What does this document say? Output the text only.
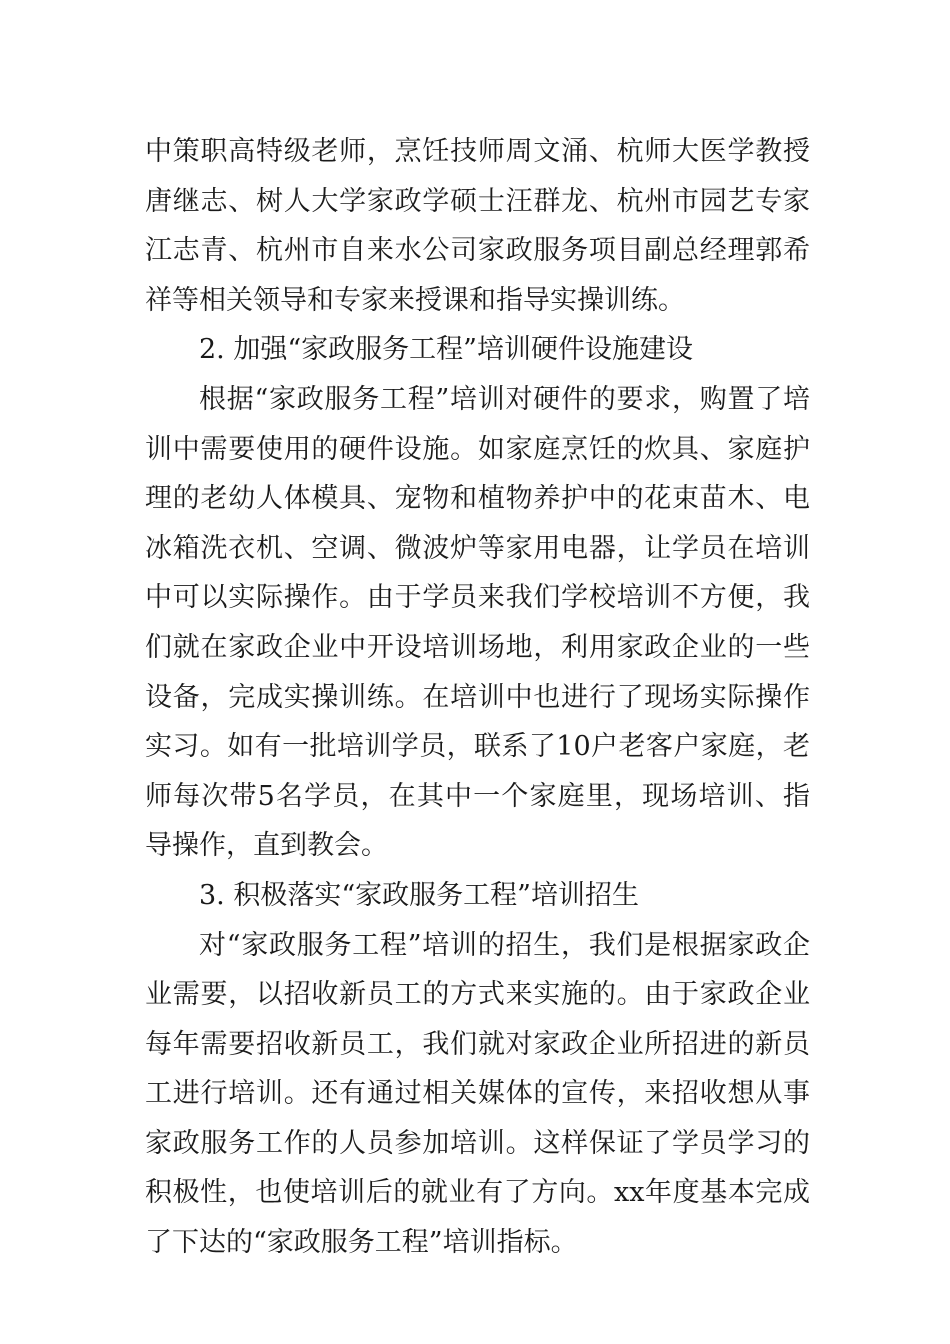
中策职高特级老师，烹饪技师周文涌、杭师大医学教授唐继志、树人大学家政学硕士汪群龙、杭州市园艺专家江志青、杭州市自来水公司家政服务项目副总经理郭希祥等相关领导和专家来授课和指导实操训练。

2. 加强“家政服务工程”培训硬件设施建设

根据“家政服务工程”培训对硬件的要求，购置了培训中需要使用的硬件设施。如家庭烹饪的炊具、家庭护理的老幼人体模具、宠物和植物养护中的花束苗木、电冰箱洗衣机、空调、微波炉等家用电器，让学员在培训中可以实际操作。由于学员来我们学校培训不方便，我们就在家政企业中开设培训场地，利用家政企业的一些设备，完成实操训练。在培训中也进行了现场实际操作实习。如有一批培训学员，联系了10户老客户家庭，老师每次带5名学员，在其中一个家庭里，现场培训、指导操作，直到教会。

3. 积极落实“家政服务工程”培训招生

对“家政服务工程”培训的招生，我们是根据家政企业需要，以招收新员工的方式来实施的。由于家政企业每年需要招收新员工，我们就对家政企业所招进的新员工进行培训。还有通过相关媒体的宣传，来招收想从事家政服务工作的人员参加培训。这样保证了学员学习的积极性，也使培训后的就业有了方向。xx年度基本完成了下达的“家政服务工程”培训指标。
